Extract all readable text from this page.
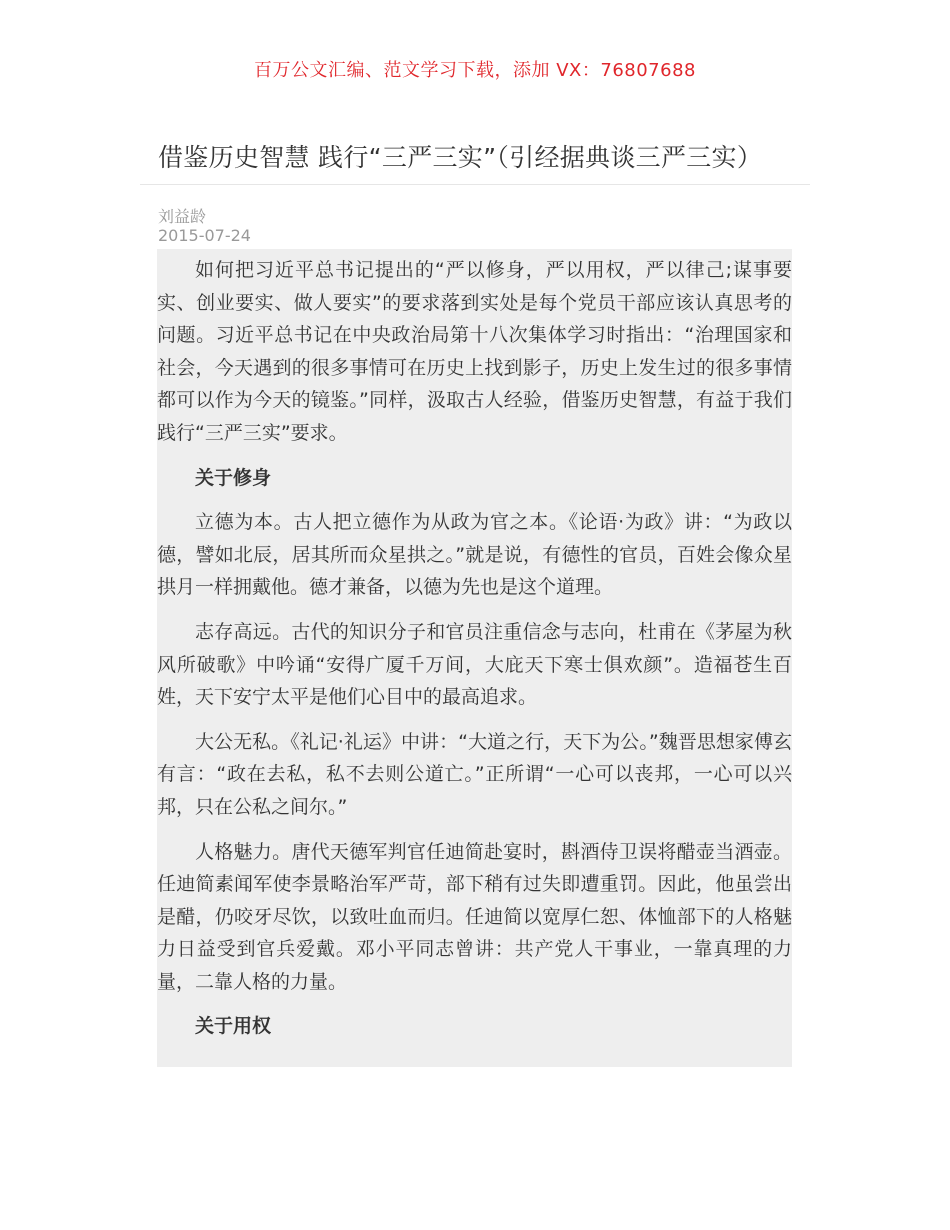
百万公文汇编、范文学习下载，添加 VX：76807688
借鉴历史智慧 践行“三严三实”（引经据典谈三严三实）
刘益龄
2015-07-24

如何把习近平总书记提出的“严以修身，严以用权，严以律己;谋事要实、创业要实、做人要实”的要求落到实处是每个党员干部应该认真思考的问题。习近平总书记在中央政治局第十八次集体学习时指出：“治理国家和社会，今天遇到的很多事情可在历史上找到影子，历史上发生过的很多事情都可以作为今天的镜鉴。”同样，汲取古人经验，借鉴历史智慧，有益于我们践行“三严三实”要求。

关于修身

立德为本。古人把立德作为从政为官之本。《论语·为政》讲：“为政以德，譬如北辰，居其所而众星拱之。”就是说，有德性的官员，百姓会像众星拱月一样拥戴他。德才兼备，以德为先也是这个道理。

志存高远。古代的知识分子和官员注重信念与志向，杜甫在《茅屋为秋风所破歌》中吟诵“安得广厦千万间，大庇天下寒士俱欢颜”。造福苍生百姓，天下安宁太平是他们心目中的最高追求。

大公无私。《礼记·礼运》中讲：“大道之行，天下为公。”魏晋思想家傅玄有言：“政在去私，私不去则公道亡。”正所谓“一心可以丧邦，一心可以兴邦，只在公私之间尔。”

人格魅力。唐代天德军判官任迪简赴宴时，斟酒侍卫误将醋壶当酒壶。任迪简素闻军使李景略治军严苛，部下稍有过失即遭重罚。因此，他虽尝出是醋，仍咬牙尽饮，以致吐血而归。任迪简以宽厚仁恕、体恤部下的人格魅力日益受到官兵爱戴。邓小平同志曾讲：共产党人干事业，一靠真理的力量，二靠人格的力量。

关于用权
